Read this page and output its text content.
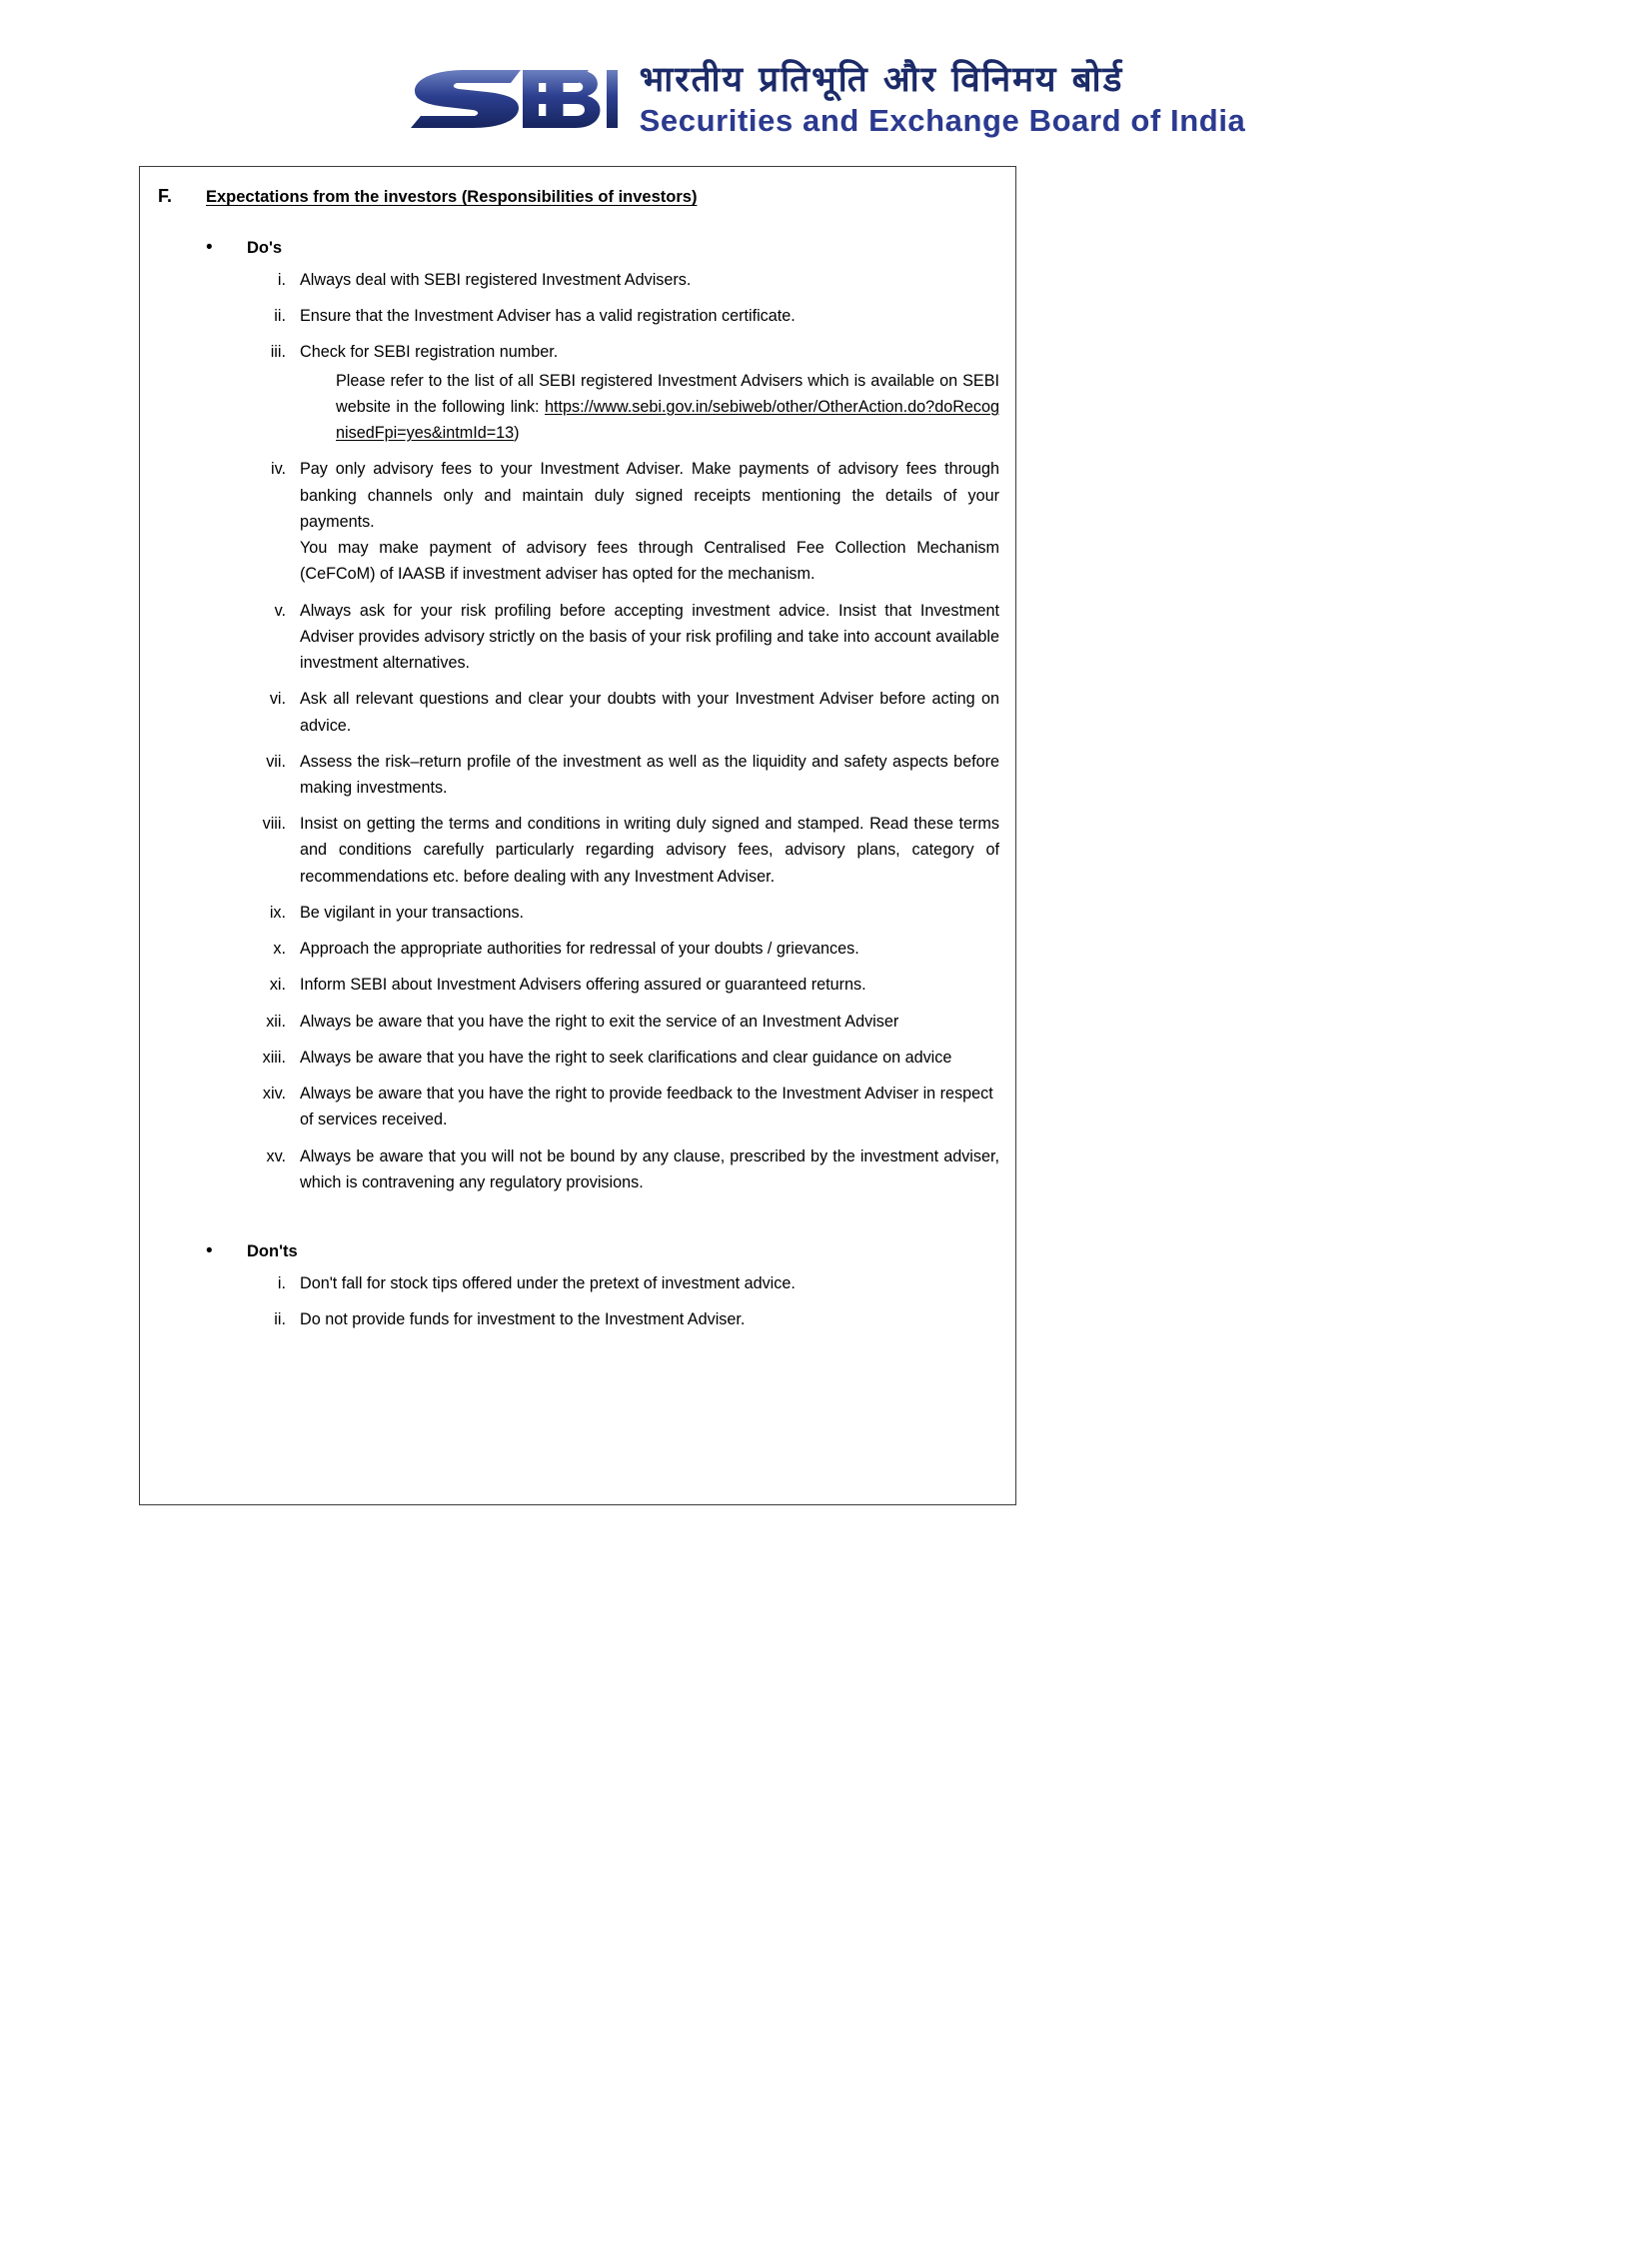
भारतीय प्रतिभूति और विनिमय बोर्ड
Securities and Exchange Board of India
F.	Expectations from the investors (Responsibilities of investors)
•	Do's
i. Always deal with SEBI registered Investment Advisers.
ii. Ensure that the Investment Adviser has a valid registration certificate.
iii. Check for SEBI registration number.
Please refer to the list of all SEBI registered Investment Advisers which is available on SEBI website in the following link: https://www.sebi.gov.in/sebiweb/other/OtherAction.do?doRecognisedFpi=yes&intmId=13)
iv. Pay only advisory fees to your Investment Adviser. Make payments of advisory fees through banking channels only and maintain duly signed receipts mentioning the details of your payments.
You may make payment of advisory fees through Centralised Fee Collection Mechanism (CeFCoM) of IAASB if investment adviser has opted for the mechanism.
v. Always ask for your risk profiling before accepting investment advice. Insist that Investment Adviser provides advisory strictly on the basis of your risk profiling and take into account available investment alternatives.
vi. Ask all relevant questions and clear your doubts with your Investment Adviser before acting on advice.
vii. Assess the risk–return profile of the investment as well as the liquidity and safety aspects before making investments.
viii. Insist on getting the terms and conditions in writing duly signed and stamped. Read these terms and conditions carefully particularly regarding advisory fees, advisory plans, category of recommendations etc. before dealing with any Investment Adviser.
ix. Be vigilant in your transactions.
x. Approach the appropriate authorities for redressal of your doubts / grievances.
xi. Inform SEBI about Investment Advisers offering assured or guaranteed returns.
xii. Always be aware that you have the right to exit the service of an Investment Adviser
xiii. Always be aware that you have the right to seek clarifications and clear guidance on advice
xiv. Always be aware that you have the right to provide feedback to the Investment Adviser in respect of services received.
xv. Always be aware that you will not be bound by any clause, prescribed by the investment adviser, which is contravening any regulatory provisions.
•	Don'ts
i. Don't fall for stock tips offered under the pretext of investment advice.
ii. Do not provide funds for investment to the Investment Adviser.
